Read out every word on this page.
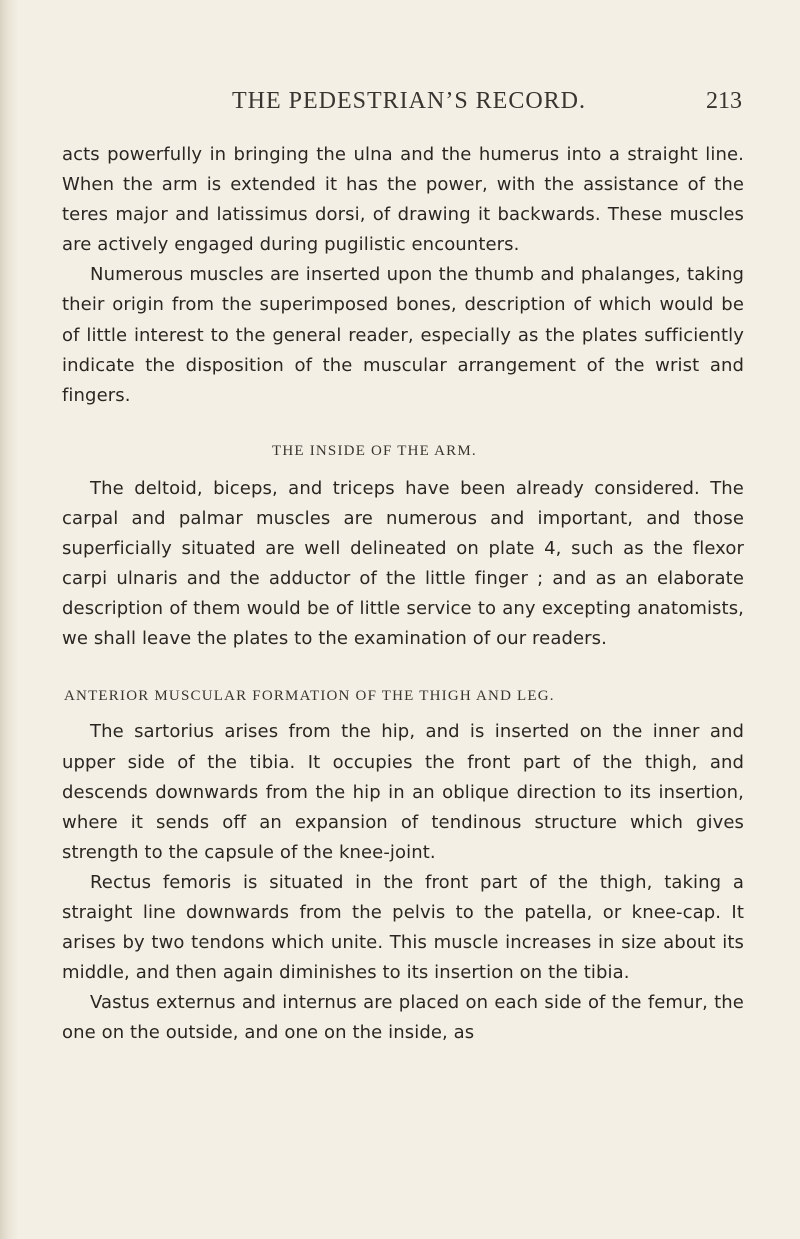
THE PEDESTRIAN’S RECORD.	213

acts powerfully in bringing the ulna and the humerus into a straight line. When the arm is extended it has the power, with the assistance of the teres major and latissimus dorsi, of drawing it backwards. These muscles are actively engaged during pugilistic encounters.

Numerous muscles are inserted upon the thumb and phalanges, taking their origin from the superimposed bones, description of which would be of little interest to the general reader, especially as the plates sufficiently indicate the disposition of the muscular arrangement of the wrist and fingers.

THE INSIDE OF THE ARM.

The deltoid, biceps, and triceps have been already considered. The carpal and palmar muscles are numerous and important, and those superficially situated are well delineated on plate 4, such as the flexor carpi ulnaris and the adductor of the little finger ; and as an elaborate description of them would be of little service to any excepting anatomists, we shall leave the plates to the examination of our readers.

ANTERIOR MUSCULAR FORMATION OF THE THIGH AND LEG.

The sartorius arises from the hip, and is inserted on the inner and upper side of the tibia. It occupies the front part of the thigh, and descends downwards from the hip in an oblique direction to its insertion, where it sends off an expansion of tendinous structure which gives strength to the capsule of the knee-joint.

Rectus femoris is situated in the front part of the thigh, taking a straight line downwards from the pelvis to the patella, or knee-cap. It arises by two tendons which unite. This muscle increases in size about its middle, and then again diminishes to its insertion on the tibia.

Vastus externus and internus are placed on each side of the femur, the one on the outside, and one on the inside, as
